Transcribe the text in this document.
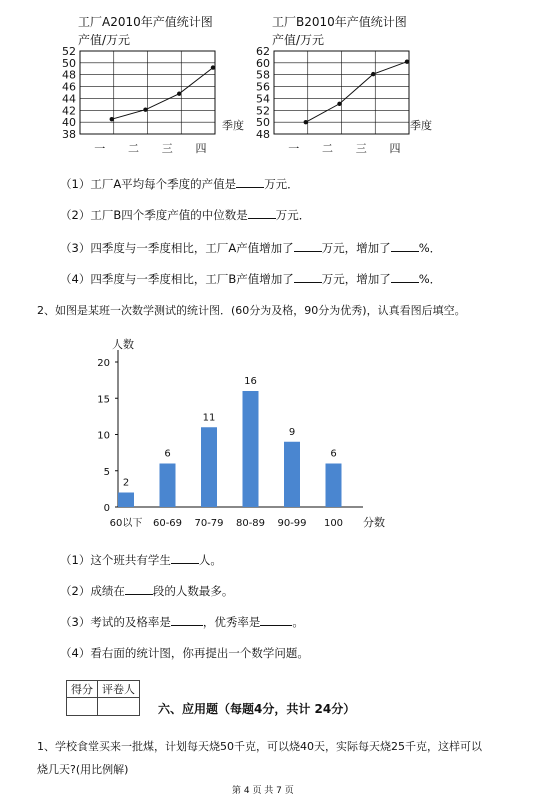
工厂A2010年产值统计图
产值/万元
38
40
42
44
46
48
50
52
一 二 三 四
季度
工厂B2010年产值统计图
产值/万元
48
50
52
54
56
58
60
62
一 二 三 四
季度
（1）工厂A平均每个季度的产值是 万元．
（2）工厂B四个季度产值的中位数是 万元．
（3）四季度与一季度相比，工厂A产值增加了 万元，增加了 %．
（4）四季度与一季度相比，工厂B产值增加了 万元，增加了 %．
2、如图是某班一次数学测试的统计图．(60分为及格，90分为优秀)，认真看图后填空。
人数
0
5
10
15
20
2
6
11
16
9
6
60以下 60-69 70-79 80-89 90-99 100 分数
（1）这个班共有学生 人。
（2）成绩在 段的人数最多。
（3）考试的及格率是	，优秀率是	。
（4）看右面的统计图，你再提出一个数学问题。
得分	评卷人

六、应用题（每题4分，共计 24分）
1、学校食堂买来一批煤，计划每天烧50千克，可以烧40天，实际每天烧25千克，这样可以
烧几天?(用比例解)
第 4 页 共 7 页
